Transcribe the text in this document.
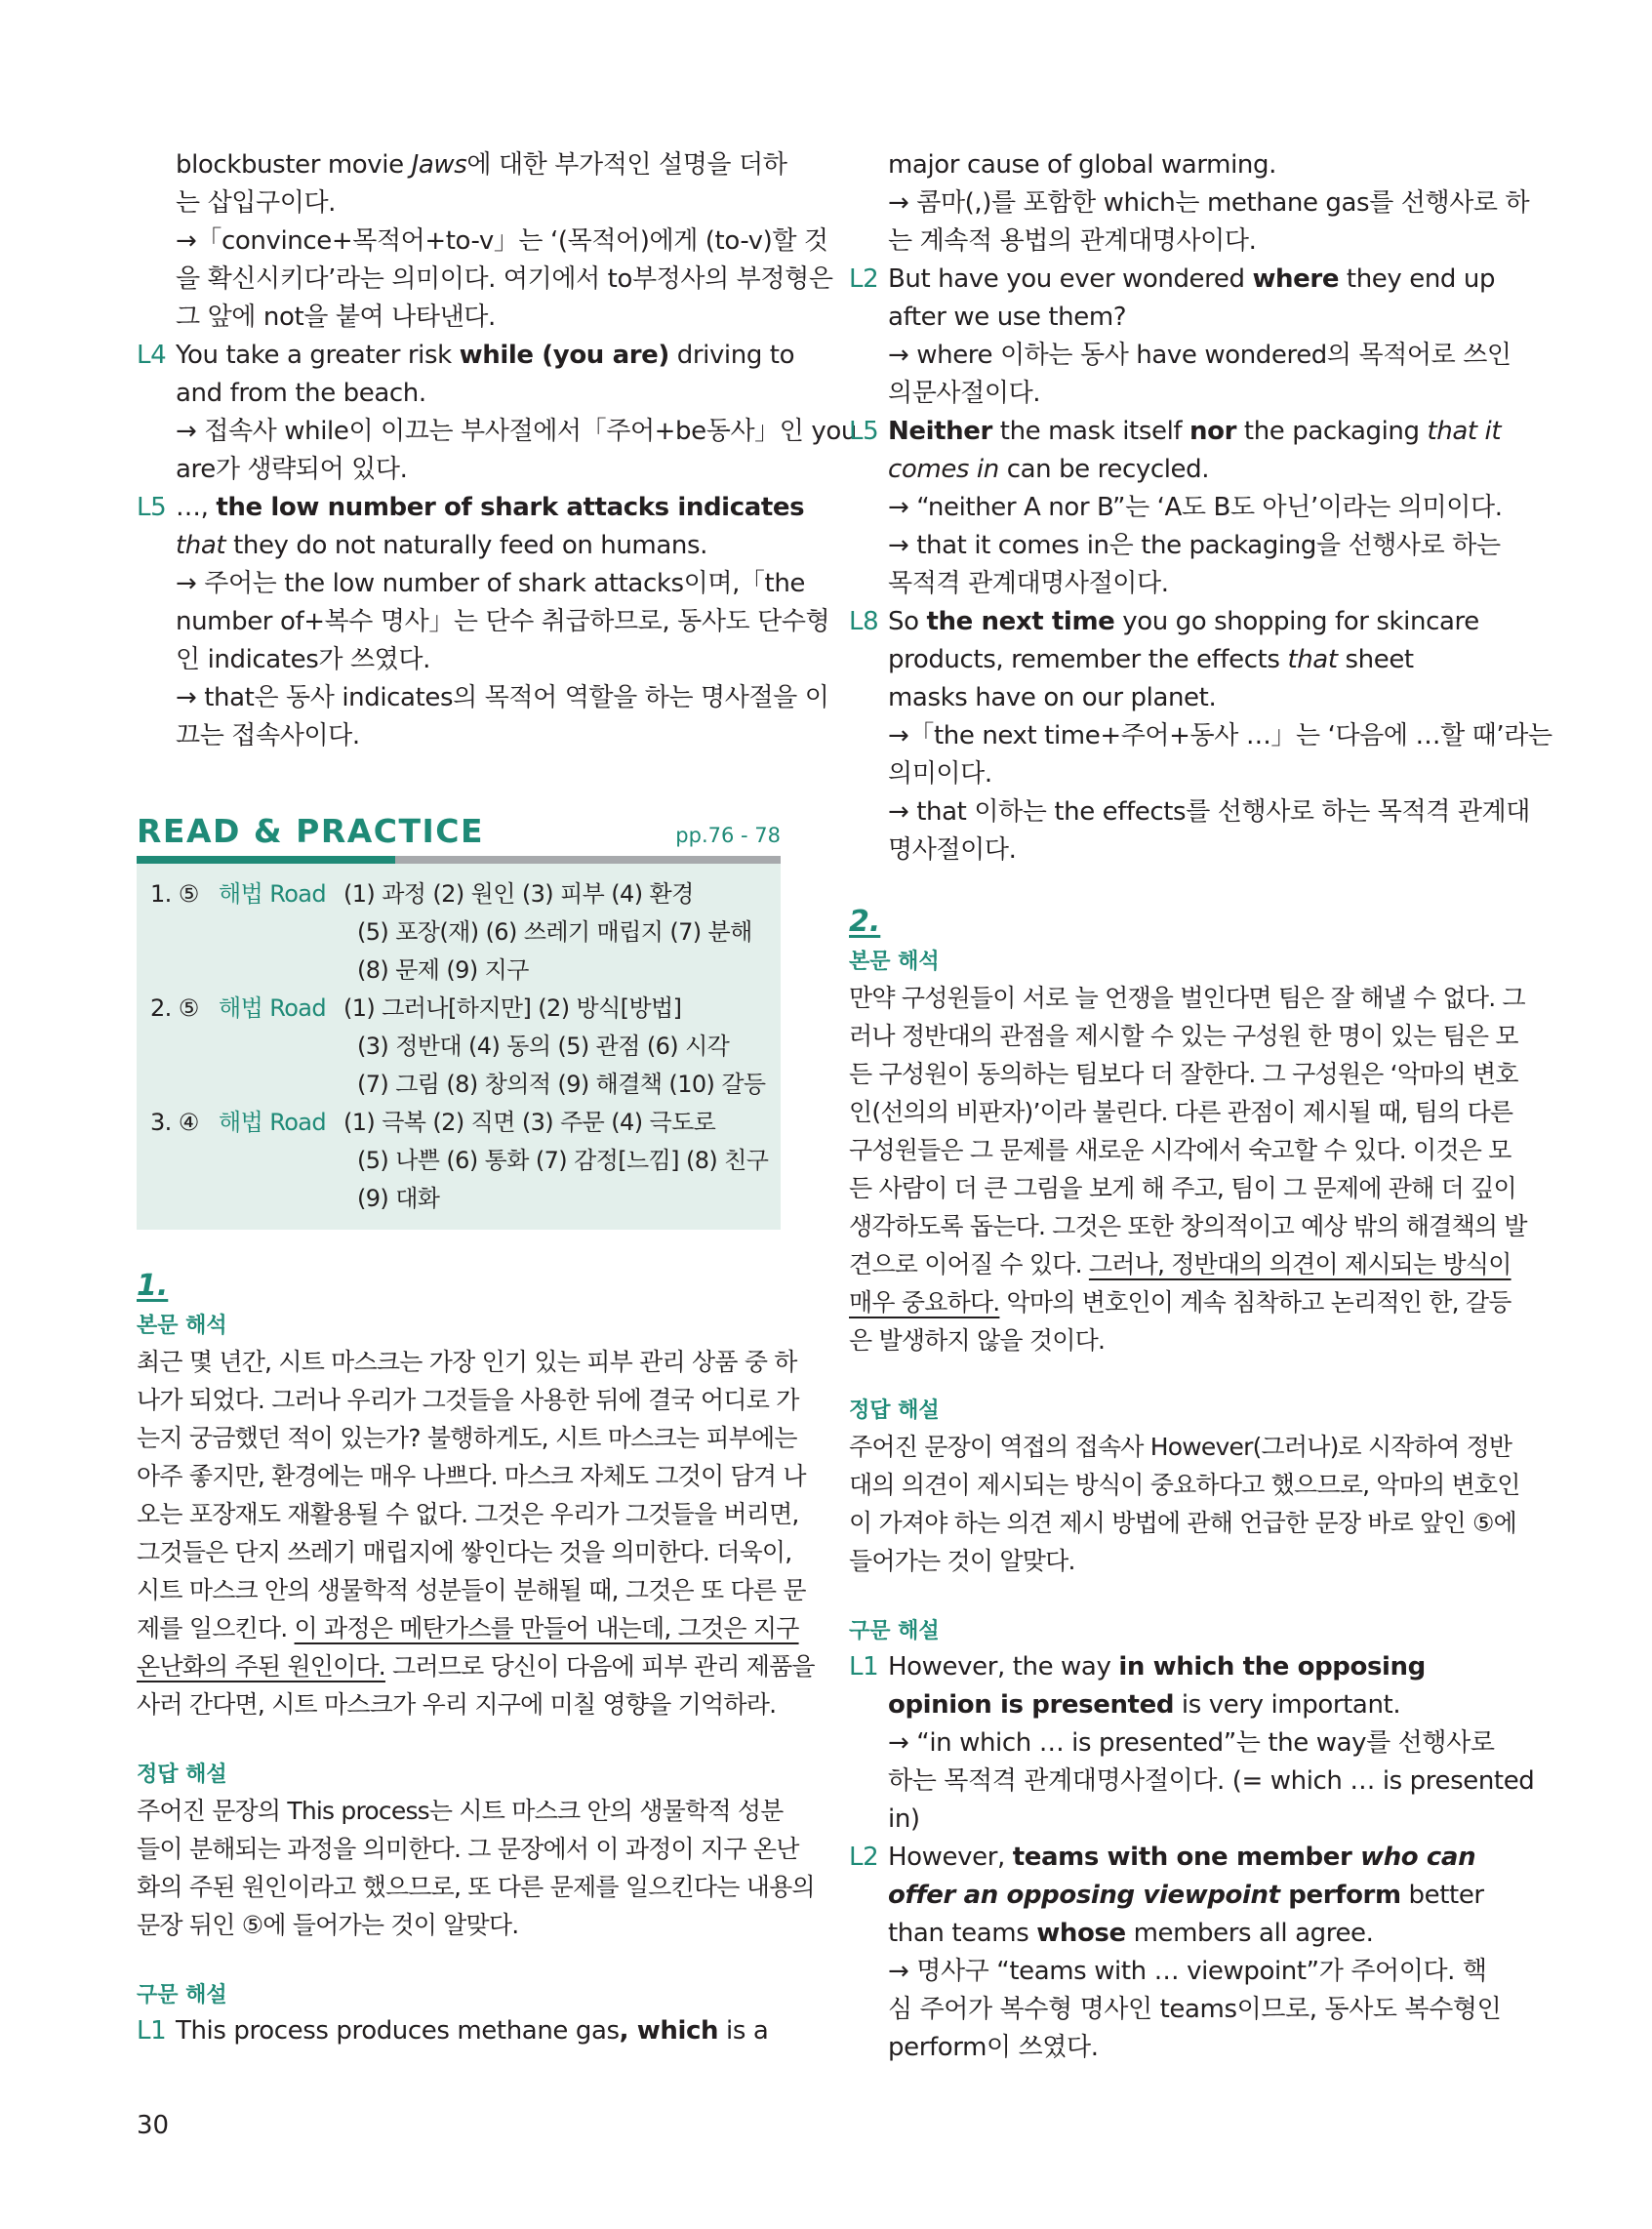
blockbuster movie Jaws에 대한 부가적인 설명을 더하
는 삽입구이다.
→「convince+목적어+to-v」는 ‘(목적어)에게 (to-v)할 것
을 확신시키다’라는 의미이다. 여기에서 to부정사의 부정형은
그 앞에 not을 붙여 나타낸다.
L4 You take a greater risk while (you are) driving to
and from the beach.
→ 접속사 while이 이끄는 부사절에서「주어+be동사」인 you
are가 생략되어 있다.
L5 …, the low number of shark attacks indicates
that they do not naturally feed on humans.
→ 주어는 the low number of shark attacks이며,「the
number of+복수 명사」는 단수 취급하므로, 동사도 단수형
인 indicates가 쓰였다.
→ that은 동사 indicates의 목적어 역할을 하는 명사절을 이
끄는 접속사이다.
READ & PRACTICE	pp.76 - 78
1. ⑤ 해법 Road (1) 과정 (2) 원인 (3) 피부 (4) 환경
(5) 포장(재) (6) 쓰레기 매립지 (7) 분해
(8) 문제 (9) 지구
2. ⑤ 해법 Road (1) 그러나[하지만] (2) 방식[방법]
(3) 정반대 (4) 동의 (5) 관점 (6) 시각
(7) 그림 (8) 창의적 (9) 해결책 (10) 갈등
3. ④ 해법 Road (1) 극복 (2) 직면 (3) 주문 (4) 극도로
(5) 나쁜 (6) 통화 (7) 감정[느낌] (8) 친구
(9) 대화
1.
본문 해석
최근 몇 년간, 시트 마스크는 가장 인기 있는 피부 관리 상품 중 하
나가 되었다. 그러나 우리가 그것들을 사용한 뒤에 결국 어디로 가
는지 궁금했던 적이 있는가? 불행하게도, 시트 마스크는 피부에는
아주 좋지만, 환경에는 매우 나쁘다. 마스크 자체도 그것이 담겨 나
오는 포장재도 재활용될 수 없다. 그것은 우리가 그것들을 버리면,
그것들은 단지 쓰레기 매립지에 쌓인다는 것을 의미한다. 더욱이,
시트 마스크 안의 생물학적 성분들이 분해될 때, 그것은 또 다른 문
제를 일으킨다. 이 과정은 메탄가스를 만들어 내는데, 그것은 지구
온난화의 주된 원인이다. 그러므로 당신이 다음에 피부 관리 제품을
사러 간다면, 시트 마스크가 우리 지구에 미칠 영향을 기억하라.
정답 해설
주어진 문장의 This process는 시트 마스크 안의 생물학적 성분
들이 분해되는 과정을 의미한다. 그 문장에서 이 과정이 지구 온난
화의 주된 원인이라고 했으므로, 또 다른 문제를 일으킨다는 내용의
문장 뒤인 ⑤에 들어가는 것이 알맞다.
구문 해설
L1 This process produces methane gas, which is a
major cause of global warming.
→ 콤마(,)를 포함한 which는 methane gas를 선행사로 하
는 계속적 용법의 관계대명사이다.
L2 But have you ever wondered where they end up
after we use them?
→ where 이하는 동사 have wondered의 목적어로 쓰인
의문사절이다.
L5 Neither the mask itself nor the packaging that it
comes in can be recycled.
→ “neither A nor B”는 ‘A도 B도 아닌’이라는 의미이다.
→ that it comes in은 the packaging을 선행사로 하는
목적격 관계대명사절이다.
L8 So the next time you go shopping for skincare
products, remember the effects that sheet
masks have on our planet.
→「the next time+주어+동사 …」는 ‘다음에 …할 때’라는
의미이다.
→ that 이하는 the effects를 선행사로 하는 목적격 관계대
명사절이다.
2.
본문 해석
만약 구성원들이 서로 늘 언쟁을 벌인다면 팀은 잘 해낼 수 없다. 그
러나 정반대의 관점을 제시할 수 있는 구성원 한 명이 있는 팀은 모
든 구성원이 동의하는 팀보다 더 잘한다. 그 구성원은 ‘악마의 변호
인(선의의 비판자)’이라 불린다. 다른 관점이 제시될 때, 팀의 다른
구성원들은 그 문제를 새로운 시각에서 숙고할 수 있다. 이것은 모
든 사람이 더 큰 그림을 보게 해 주고, 팀이 그 문제에 관해 더 깊이
생각하도록 돕는다. 그것은 또한 창의적이고 예상 밖의 해결책의 발
견으로 이어질 수 있다. 그러나, 정반대의 의견이 제시되는 방식이
매우 중요하다. 악마의 변호인이 계속 침착하고 논리적인 한, 갈등
은 발생하지 않을 것이다.
정답 해설
주어진 문장이 역접의 접속사 However(그러나)로 시작하여 정반
대의 의견이 제시되는 방식이 중요하다고 했으므로, 악마의 변호인
이 가져야 하는 의견 제시 방법에 관해 언급한 문장 바로 앞인 ⑤에
들어가는 것이 알맞다.
구문 해설
L1 However, the way in which the opposing
opinion is presented is very important.
→ “in which … is presented”는 the way를 선행사로
하는 목적격 관계대명사절이다. (= which … is presented
in)
L2 However, teams with one member who can
offer an opposing viewpoint perform better
than teams whose members all agree.
→ 명사구 “teams with … viewpoint”가 주어이다. 핵
심 주어가 복수형 명사인 teams이므로, 동사도 복수형인
perform이 쓰였다.
30
